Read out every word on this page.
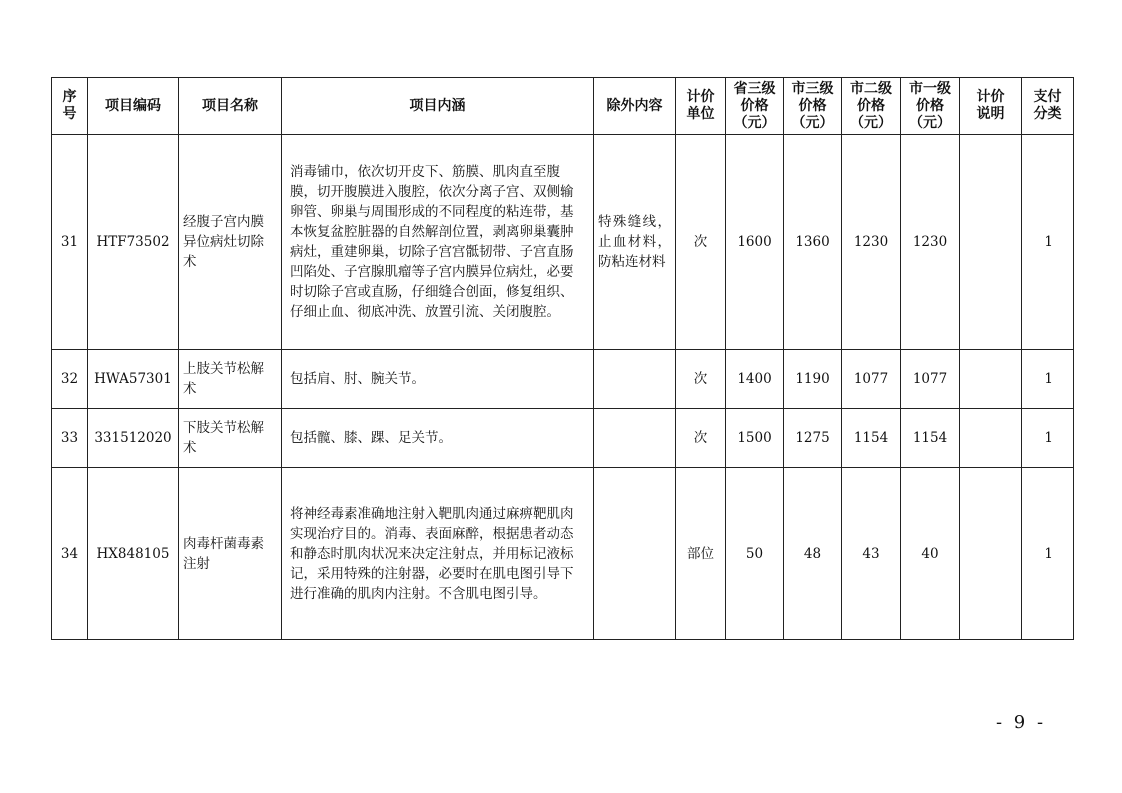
序号	项目编码	项目名称	项目内涵	除外内容	计价单位	省三级价格（元）	市三级价格（元）	市二级价格（元）	市一级价格（元）	计价说明	支付分类
31	HTF73502	经腹子宫内膜异位病灶切除术	消毒铺巾，依次切开皮下、筋膜、肌肉直至腹膜，切开腹膜进入腹腔，依次分离子宫、双侧输卵管、卵巢与周围形成的不同程度的粘连带，基本恢复盆腔脏器的自然解剖位置，剥离卵巢囊肿病灶，重建卵巢，切除子宫宫骶韧带、子宫直肠凹陷处、子宫腺肌瘤等子宫内膜异位病灶，必要时切除子宫或直肠，仔细缝合创面，修复组织、仔细止血、彻底冲洗、放置引流、关闭腹腔。	特殊缝线，止血材料，防粘连材料	次	1600	1360	1230	1230		1
32	HWA57301	上肢关节松解术	包括肩、肘、腕关节。		次	1400	1190	1077	1077		1
33	331512020	下肢关节松解术	包括髋、膝、踝、足关节。		次	1500	1275	1154	1154		1
34	HX848105	肉毒杆菌毒素注射	将神经毒素准确地注射入靶肌肉通过麻痹靶肌肉实现治疗目的。消毒、表面麻醉，根据患者动态和静态时肌肉状况来决定注射点，并用标记液标记，采用特殊的注射器，必要时在肌电图引导下进行准确的肌肉内注射。不含肌电图引导。		部位	50	48	43	40		1
- 9 -
